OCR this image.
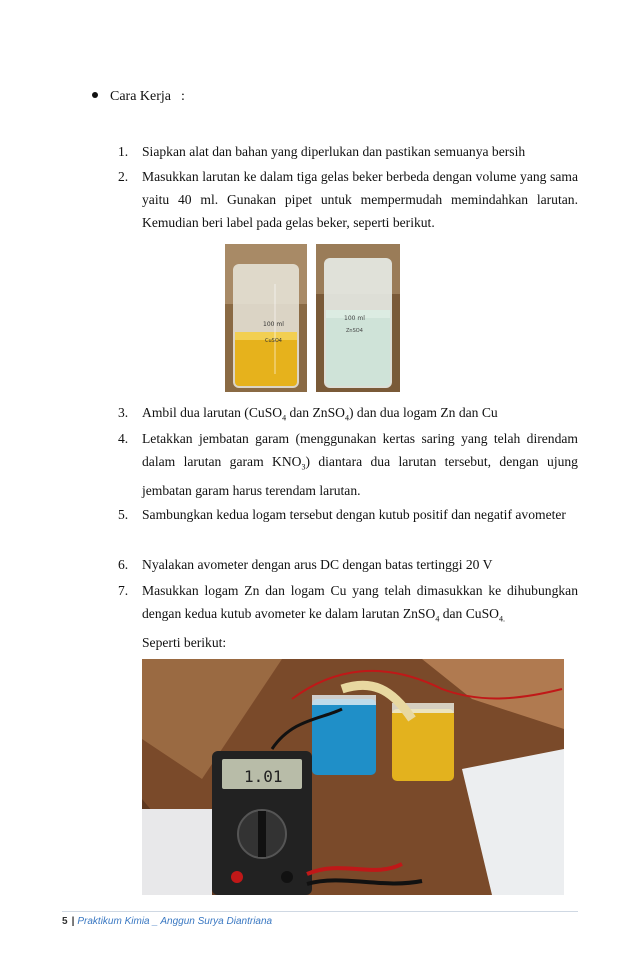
Cara Kerja :
1.	Siapkan alat dan bahan yang diperlukan dan pastikan semuanya bersih
2.	Masukkan larutan ke dalam tiga gelas beker berbeda dengan volume yang sama yaitu 40 ml. Gunakan pipet untuk mempermudah memindahkan larutan. Kemudian beri label pada gelas beker, seperti berikut.
100 ml
CuSO4
100 ml
ZnSO4
3.	Ambil dua larutan (CuSO$_4$ dan ZnSO$_4$) dan dua logam Zn dan Cu
4.	Letakkan jembatan garam (menggunakan kertas saring yang telah direndam dalam larutan garam $KNO_3$) diantara dua larutan tersebut, dengan ujung jembatan garam harus terendam larutan.
5.	Sambungkan kedua logam tersebut dengan kutub positif dan negatif avometer
6.	Nyalakan avometer dengan arus DC dengan batas tertinggi 20 V
7.	Masukkan logam Zn dan logam Cu yang telah dimasukkan ke dihubungkan dengan kedua kutub avometer ke dalam larutan ZnSO$_4$ dan CuSO$_{4.}$
Seperti berikut:
1.01
5 | Praktikum Kimia _ Anggun Surya Diantriana
